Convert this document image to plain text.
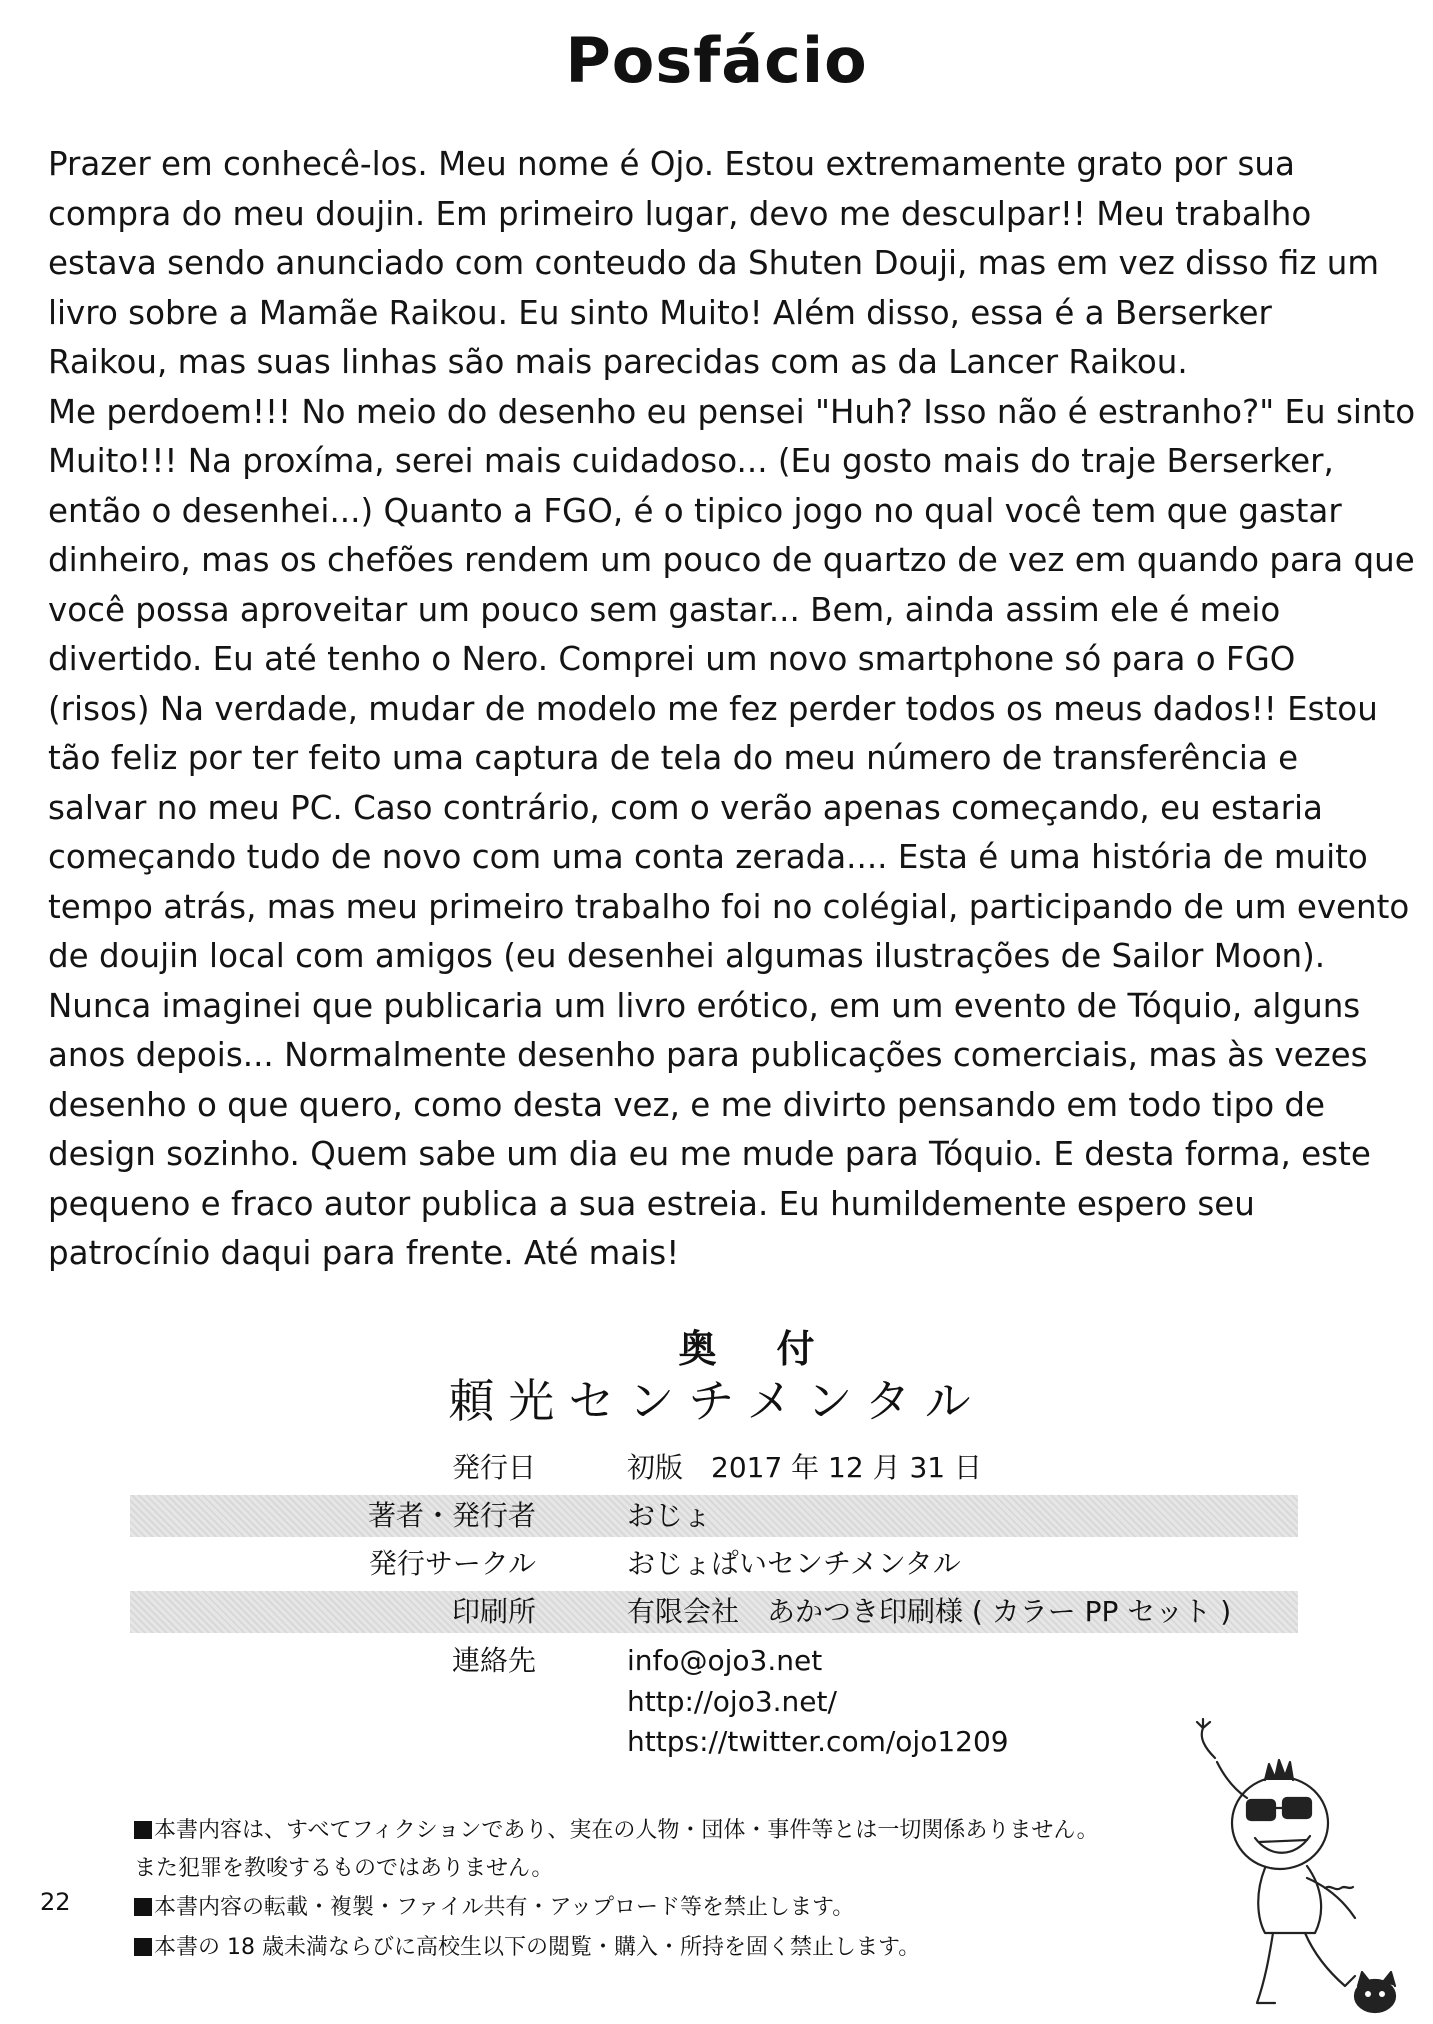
Posfácio
Prazer em conhecê-los. Meu nome é Ojo. Estou extremamente grato por sua
compra do meu doujin. Em primeiro lugar, devo me desculpar!! Meu trabalho
estava sendo anunciado com conteudo da Shuten Douji, mas em vez disso fiz um
livro sobre a Mamãe Raikou. Eu sinto Muito! Além disso, essa é a Berserker
Raikou, mas suas linhas são mais parecidas com as da Lancer Raikou.
Me perdoem!!! No meio do desenho eu pensei "Huh? Isso não é estranho?" Eu sinto
Muito!!! Na proxíma, serei mais cuidadoso... (Eu gosto mais do traje Berserker,
então o desenhei...) Quanto a FGO, é o tipico jogo no qual você tem que gastar
dinheiro, mas os chefões rendem um pouco de quartzo de vez em quando para que
você possa aproveitar um pouco sem gastar... Bem, ainda assim ele é meio
divertido. Eu até tenho o Nero. Comprei um novo smartphone só para o FGO
(risos) Na verdade, mudar de modelo me fez perder todos os meus dados!! Estou
tão feliz por ter feito uma captura de tela do meu número de transferência e
salvar no meu PC. Caso contrário, com o verão apenas começando, eu estaria
começando tudo de novo com uma conta zerada.... Esta é uma história de muito
tempo atrás, mas meu primeiro trabalho foi no colégial, participando de um evento
de doujin local com amigos (eu desenhei algumas ilustrações de Sailor Moon).
Nunca imaginei que publicaria um livro erótico, em um evento de Tóquio, alguns
anos depois... Normalmente desenho para publicações comerciais, mas às vezes
desenho o que quero, como desta vez, e me divirto pensando em todo tipo de
design sozinho. Quem sabe um dia eu me mude para Tóquio. E desta forma, este
pequeno e fraco autor publica a sua estreia. Eu humildemente espero seu
patrocínio daqui para frente. Até mais!
奥付
頼光センチメンタル
発行日	初版　2017 年 12 月 31 日
著者・発行者	おじょ
発行サークル	おじょぱいセンチメンタル
印刷所	有限会社　あかつき印刷様 ( カラー PP セット )
連絡先	info@ojo3.net
http://ojo3.net/
https://twitter.com/ojo1209
本書内容は、すべてフィクションであり、実在の人物・団体・事件等とは一切関係ありません。
また犯罪を教唆するものではありません。
本書内容の転載・複製・ファイル共有・アップロード等を禁止します。
本書の 18 歳未満ならびに高校生以下の閲覧・購入・所持を固く禁止します。
22
